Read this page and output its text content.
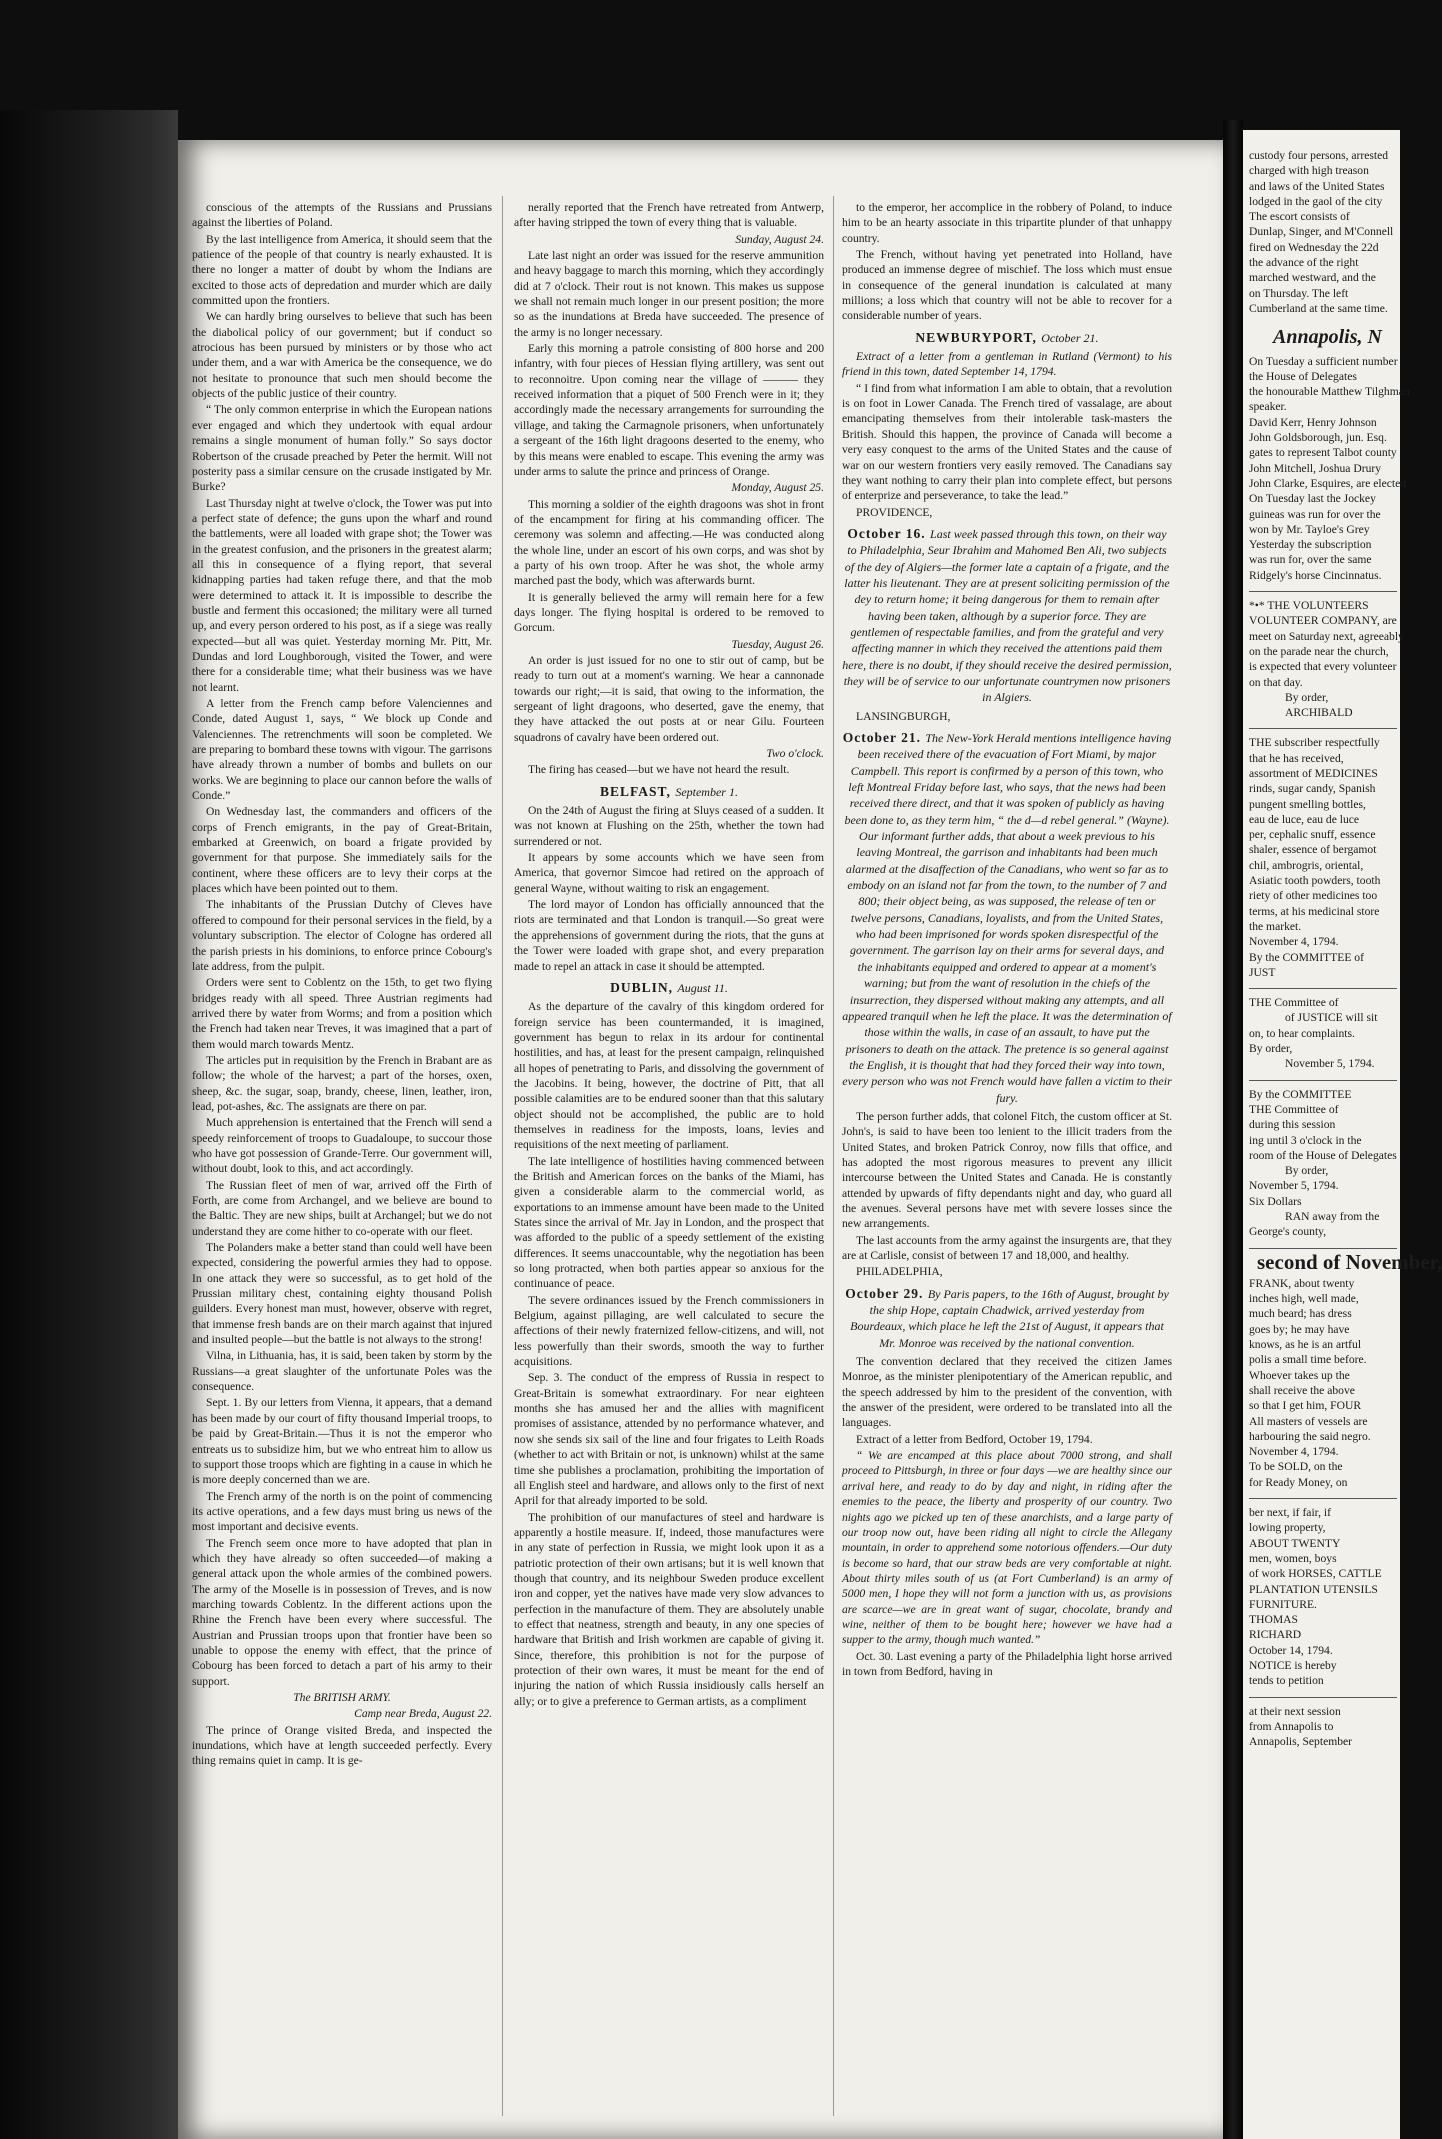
conscious of the attempts of the Russians and Prussians against the liberties of Poland.

By the last intelligence from America, it should seem that the patience of the people of that country is nearly exhausted. It is there no longer a matter of doubt by whom the Indians are excited to those acts of depredation and murder which are daily committed upon the frontiers.

We can hardly bring ourselves to believe that such has been the diabolical policy of our government; but if conduct so atrocious has been pursued by ministers or by those who act under them, and a war with America be the consequence, we do not hesitate to pronounce that such men should become the objects of the public justice of their country.

“ The only common enterprise in which the European nations ever engaged and which they undertook with equal ardour remains a single monument of human folly.” So says doctor Robertson of the crusade preached by Peter the hermit. Will not posterity pass a similar censure on the crusade instigated by Mr. Burke?

Last Thursday night at twelve o'clock, the Tower was put into a perfect state of defence; the guns upon the wharf and round the battlements, were all loaded with grape shot; the Tower was in the greatest confusion, and the prisoners in the greatest alarm; all this in consequence of a flying report, that several kidnapping parties had taken refuge there, and that the mob were determined to attack it. It is impossible to describe the bustle and ferment this occasioned; the military were all turned up, and every person ordered to his post, as if a siege was really expected—but all was quiet. Yesterday morning Mr. Pitt, Mr. Dundas and lord Loughborough, visited the Tower, and were there for a considerable time; what their business was we have not learnt.

A letter from the French camp before Valenciennes and Conde, dated August 1, says, “ We block up Conde and Valenciennes. The retrenchments will soon be completed. We are preparing to bombard these towns with vigour. The garrisons have already thrown a number of bombs and bullets on our works. We are beginning to place our cannon before the walls of Conde.”

On Wednesday last, the commanders and officers of the corps of French emigrants, in the pay of Great-Britain, embarked at Greenwich, on board a frigate provided by government for that purpose. She immediately sails for the continent, where these officers are to levy their corps at the places which have been pointed out to them.

The inhabitants of the Prussian Dutchy of Cleves have offered to compound for their personal services in the field, by a voluntary subscription. The elector of Cologne has ordered all the parish priests in his dominions, to enforce prince Cobourg's late address, from the pulpit.

Orders were sent to Coblentz on the 15th, to get two flying bridges ready with all speed. Three Austrian regiments had arrived there by water from Worms; and from a position which the French had taken near Treves, it was imagined that a part of them would march towards Mentz.

The articles put in requisition by the French in Brabant are as follow; the whole of the harvest; a part of the horses, oxen, sheep, &c. the sugar, soap, brandy, cheese, linen, leather, iron, lead, pot-ashes, &c. The assignats are there on par.

Much apprehension is entertained that the French will send a speedy reinforcement of troops to Guadaloupe, to succour those who have got possession of Grande-Terre. Our government will, without doubt, look to this, and act accordingly.

The Russian fleet of men of war, arrived off the Firth of Forth, are come from Archangel, and we believe are bound to the Baltic. They are new ships, built at Archangel; but we do not understand they are come hither to co-operate with our fleet.

The Polanders make a better stand than could well have been expected, considering the powerful armies they had to oppose. In one attack they were so successful, as to get hold of the Prussian military chest, containing eighty thousand Polish guilders. Every honest man must, however, observe with regret, that immense fresh bands are on their march against that injured and insulted people—but the battle is not always to the strong!

Vilna, in Lithuania, has, it is said, been taken by storm by the Russians—a great slaughter of the unfortunate Poles was the consequence.

Sept. 1. By our letters from Vienna, it appears, that a demand has been made by our court of fifty thousand Imperial troops, to be paid by Great-Britain.—Thus it is not the emperor who entreats us to subsidize him, but we who entreat him to allow us to support those troops which are fighting in a cause in which he is more deeply concerned than we are.

The French army of the north is on the point of commencing its active operations, and a few days must bring us news of the most important and decisive events.

The French seem once more to have adopted that plan in which they have already so often succeeded—of making a general attack upon the whole armies of the combined powers. The army of the Moselle is in possession of Treves, and is now marching towards Coblentz. In the different actions upon the Rhine the French have been every where successful. The Austrian and Prussian troops upon that frontier have been so unable to oppose the enemy with effect, that the prince of Cobourg has been forced to detach a part of his army to their support.

The BRITISH ARMY.

Camp near Breda, August 22.

The prince of Orange visited Breda, and inspected the inundations, which have at length succeeded perfectly. Every thing remains quiet in camp. It is ge-

nerally reported that the French have retreated from Antwerp, after having stripped the town of every thing that is valuable.

Sunday, August 24.

Late last night an order was issued for the reserve ammunition and heavy baggage to march this morning, which they accordingly did at 7 o'clock. Their rout is not known. This makes us suppose we shall not remain much longer in our present position; the more so as the inundations at Breda have succeeded. The presence of the army is no longer necessary.

Early this morning a patrole consisting of 800 horse and 200 infantry, with four pieces of Hessian flying artillery, was sent out to reconnoitre. Upon coming near the village of ——— they received information that a piquet of 500 French were in it; they accordingly made the necessary arrangements for surrounding the village, and taking the Carmagnole prisoners, when unfortunately a sergeant of the 16th light dragoons deserted to the enemy, who by this means were enabled to escape. This evening the army was under arms to salute the prince and princess of Orange.

Monday, August 25.

This morning a soldier of the eighth dragoons was shot in front of the encampment for firing at his commanding officer. The ceremony was solemn and affecting.—He was conducted along the whole line, under an escort of his own corps, and was shot by a party of his own troop. After he was shot, the whole army marched past the body, which was afterwards burnt.

It is generally believed the army will remain here for a few days longer. The flying hospital is ordered to be removed to Gorcum.

Tuesday, August 26.

An order is just issued for no one to stir out of camp, but be ready to turn out at a moment's warning. We hear a cannonade towards our right;—it is said, that owing to the information, the sergeant of light dragoons, who deserted, gave the enemy, that they have attacked the out posts at or near Gilu. Fourteen squadrons of cavalry have been ordered out.

Two o'clock.

The firing has ceased—but we have not heard the result.

BELFAST, September 1.

On the 24th of August the firing at Sluys ceased of a sudden. It was not known at Flushing on the 25th, whether the town had surrendered or not.

It appears by some accounts which we have seen from America, that governor Simcoe had retired on the approach of general Wayne, without waiting to risk an engagement.

The lord mayor of London has officially announced that the riots are terminated and that London is tranquil.—So great were the apprehensions of government during the riots, that the guns at the Tower were loaded with grape shot, and every preparation made to repel an attack in case it should be attempted.

DUBLIN, August 11.

As the departure of the cavalry of this kingdom ordered for foreign service has been countermanded, it is imagined, government has begun to relax in its ardour for continental hostilities, and has, at least for the present campaign, relinquished all hopes of penetrating to Paris, and dissolving the government of the Jacobins. It being, however, the doctrine of Pitt, that all possible calamities are to be endured sooner than that this salutary object should not be accomplished, the public are to hold themselves in readiness for the imposts, loans, levies and requisitions of the next meeting of parliament.

The late intelligence of hostilities having commenced between the British and American forces on the banks of the Miami, has given a considerable alarm to the commercial world, as exportations to an immense amount have been made to the United States since the arrival of Mr. Jay in London, and the prospect that was afforded to the public of a speedy settlement of the existing differences. It seems unaccountable, why the negotiation has been so long protracted, when both parties appear so anxious for the continuance of peace.

The severe ordinances issued by the French commissioners in Belgium, against pillaging, are well calculated to secure the affections of their newly fraternized fellow-citizens, and will, not less powerfully than their swords, smooth the way to further acquisitions.

Sep. 3. The conduct of the empress of Russia in respect to Great-Britain is somewhat extraordinary. For near eighteen months she has amused her and the allies with magnificent promises of assistance, attended by no performance whatever, and now she sends six sail of the line and four frigates to Leith Roads (whether to act with Britain or not, is unknown) whilst at the same time she publishes a proclamation, prohibiting the importation of all English steel and hardware, and allows only to the first of next April for that already imported to be sold.

The prohibition of our manufactures of steel and hardware is apparently a hostile measure. If, indeed, those manufactures were in any state of perfection in Russia, we might look upon it as a patriotic protection of their own artisans; but it is well known that though that country, and its neighbour Sweden produce excellent iron and copper, yet the natives have made very slow advances to perfection in the manufacture of them. They are absolutely unable to effect that neatness, strength and beauty, in any one species of hardware that British and Irish workmen are capable of giving it. Since, therefore, this prohibition is not for the purpose of protection of their own wares, it must be meant for the end of injuring the nation of which Russia insidiously calls herself an ally; or to give a preference to German artists, as a compliment

to the emperor, her accomplice in the robbery of Poland, to induce him to be an hearty associate in this tripartite plunder of that unhappy country.

The French, without having yet penetrated into Holland, have produced an immense degree of mischief. The loss which must ensue in consequence of the general inundation is calculated at many millions; a loss which that country will not be able to recover for a considerable number of years.

NEWBURYPORT, October 21.

Extract of a letter from a gentleman in Rutland (Vermont) to his friend in this town, dated September 14, 1794.

“ I find from what information I am able to obtain, that a revolution is on foot in Lower Canada. The French tired of vassalage, are about emancipating themselves from their intolerable task-masters the British. Should this happen, the province of Canada will become a very easy conquest to the arms of the United States and the cause of war on our western frontiers very easily removed. The Canadians say they want nothing to carry their plan into complete effect, but persons of enterprize and perseverance, to take the lead.”

PROVIDENCE,

October 16. Last week passed through this town, on their way to Philadelphia, Seur Ibrahim and Mahomed Ben Ali, two subjects of the dey of Algiers—the former late a captain of a frigate, and the latter his lieutenant. They are at present soliciting permission of the dey to return home; it being dangerous for them to remain after having been taken, although by a superior force. They are gentlemen of respectable families, and from the grateful and very affecting manner in which they received the attentions paid them here, there is no doubt, if they should receive the desired permission, they will be of service to our unfortunate countrymen now prisoners in Algiers.

LANSINGBURGH,

October 21. The New-York Herald mentions intelligence having been received there of the evacuation of Fort Miami, by major Campbell. This report is confirmed by a person of this town, who left Montreal Friday before last, who says, that the news had been received there direct, and that it was spoken of publicly as having been done to, as they term him, “ the d—d rebel general.” (Wayne). Our informant further adds, that about a week previous to his leaving Montreal, the garrison and inhabitants had been much alarmed at the disaffection of the Canadians, who went so far as to embody on an island not far from the town, to the number of 7 and 800; their object being, as was supposed, the release of ten or twelve persons, Canadians, loyalists, and from the United States, who had been imprisoned for words spoken disrespectful of the government. The garrison lay on their arms for several days, and the inhabitants equipped and ordered to appear at a moment's warning; but from the want of resolution in the chiefs of the insurrection, they dispersed without making any attempts, and all appeared tranquil when he left the place. It was the determination of those within the walls, in case of an assault, to have put the prisoners to death on the attack. The pretence is so general against the English, it is thought that had they forced their way into town, every person who was not French would have fallen a victim to their fury.

The person further adds, that colonel Fitch, the custom officer at St. John's, is said to have been too lenient to the illicit traders from the United States, and broken Patrick Conroy, now fills that office, and has adopted the most rigorous measures to prevent any illicit intercourse between the United States and Canada. He is constantly attended by upwards of fifty dependants night and day, who guard all the avenues. Several persons have met with severe losses since the new arrangements.

The last accounts from the army against the insurgents are, that they are at Carlisle, consist of between 17 and 18,000, and healthy.

PHILADELPHIA,

October 29. By Paris papers, to the 16th of August, brought by the ship Hope, captain Chadwick, arrived yesterday from Bourdeaux, which place he left the 21st of August, it appears that Mr. Monroe was received by the national convention.

The convention declared that they received the citizen James Monroe, as the minister plenipotentiary of the American republic, and the speech addressed by him to the president of the convention, with the answer of the president, were ordered to be translated into all the languages.

Extract of a letter from Bedford, October 19, 1794.

“ We are encamped at this place about 7000 strong, and shall proceed to Pittsburgh, in three or four days —we are healthy since our arrival here, and ready to do by day and night, in riding after the enemies to the peace, the liberty and prosperity of our country. Two nights ago we picked up ten of these anarchists, and a large party of our troop now out, have been riding all night to circle the Allegany mountain, in order to apprehend some notorious offenders.—Our duty is become so hard, that our straw beds are very comfortable at night. About thirty miles south of us (at Fort Cumberland) is an army of 5000 men, I hope they will not form a junction with us, as provisions are scarce—we are in great want of sugar, chocolate, brandy and wine, neither of them to be bought here; however we have had a supper to the army, though much wanted.”

Oct. 30. Last evening a party of the Philadelphia light horse arrived in town from Bedford, having in

custody four persons, arrested
charged with high treason
and laws of the United States
lodged in the gaol of the city
The escort consists of
Dunlap, Singer, and M'Connell
fired on Wednesday the 22d
the advance of the right
marched westward, and the
on Thursday. The left
Cumberland at the same time.
Annapolis, N
On Tuesday a sufficient number
the House of Delegates
the honourable Matthew Tilghman
speaker.
David Kerr, Henry Johnson
John Goldsborough, jun. Esq.
gates to represent Talbot county
John Mitchell, Joshua Drury
John Clarke, Esquires, are elected
On Tuesday last the Jockey
guineas was run for over the
won by Mr. Tayloe's Grey
Yesterday the subscription
was run for, over the same
Ridgely's horse Cincinnatus.
*•* THE VOLUNTEERS
VOLUNTEER COMPANY, are
meet on Saturday next, agreeably
on the parade near the church,
is expected that every volunteer
on that day.
By order,
ARCHIBALD
THE subscriber respectfully
that he has received,
assortment of MEDICINES
rinds, sugar candy, Spanish
pungent smelling bottles,
eau de luce, eau de luce
per, cephalic snuff, essence
shaler, essence of bergamot
chil, ambrogris, oriental,
Asiatic tooth powders, tooth
riety of other medicines too
terms, at his medicinal store
the market.
November 4, 1794.
By the COMMITTEE of
JUST
THE Committee of
of JUSTICE will sit
on, to hear complaints.
By order,
November 5, 1794.
By the COMMITTEE
THE Committee of
during this session
ing until 3 o'clock in the
room of the House of Delegates
By order,
November 5, 1794.
Six Dollars
RAN away from the
George's county,
second of November,
FRANK, about twenty
inches high, well made,
much beard; has dress
goes by; he may have
knows, as he is an artful
polis a small time before.
Whoever takes up the
shall receive the above
so that I get him, FOUR
All masters of vessels are
harbouring the said negro.
November 4, 1794.
To be SOLD, on the
for Ready Money, on
ber next, if fair, if
lowing property,
ABOUT TWENTY
men, women, boys
of work HORSES, CATTLE
PLANTATION UTENSILS
FURNITURE.
THOMAS
RICHARD
October 14, 1794.
NOTICE is hereby
tends to petition
at their next session
from Annapolis to
Annapolis, September
